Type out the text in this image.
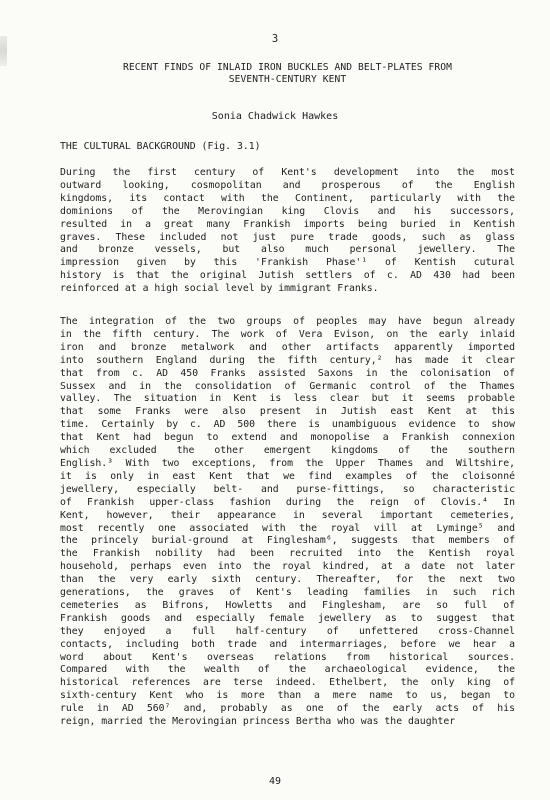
3
RECENT FINDS OF INLAID IRON BUCKLES AND BELT-PLATES FROM
SEVENTH-CENTURY KENT
Sonia Chadwick Hawkes
THE CULTURAL BACKGROUND (Fig. 3.1)
During the first century of Kent's development into the most
outward looking, cosmopolitan and prosperous of the English
kingdoms, its contact with the Continent, particularly with the
dominions of the Merovingian king Clovis and his successors,
resulted in a great many Frankish imports being buried in Kentish
graves. These included not just pure trade goods, such as glass
and bronze vessels, but also much personal jewellery. The
impression given by this 'Frankish Phase'¹ of Kentish cutural
history is that the original Jutish settlers of c. AD 430 had been
reinforced at a high social level by immigrant Franks.
The integration of the two groups of peoples may have begun already
in the fifth century. The work of Vera Evison, on the early inlaid
iron and bronze metalwork and other artifacts apparently imported
into southern England during the fifth century,² has made it clear
that from c. AD 450 Franks assisted Saxons in the colonisation of
Sussex and in the consolidation of Germanic control of the Thames
valley. The situation in Kent is less clear but it seems probable
that some Franks were also present in Jutish east Kent at this
time. Certainly by c. AD 500 there is unambiguous evidence to show
that Kent had begun to extend and monopolise a Frankish connexion
which excluded the other emergent kingdoms of the southern
English.³ With two exceptions, from the Upper Thames and Wiltshire,
it is only in east Kent that we find examples of the cloisonné
jewellery, especially belt- and purse-fittings, so characteristic
of Frankish upper-class fashion during the reign of Clovis.⁴ In
Kent, however, their appearance in several important cemeteries,
most recently one associated with the royal vill at Lyminge⁵ and
the princely burial-ground at Finglesham⁶, suggests that members of
the Frankish nobility had been recruited into the Kentish royal
household, perhaps even into the royal kindred, at a date not later
than the very early sixth century. Thereafter, for the next two
generations, the graves of Kent's leading families in such rich
cemeteries as Bifrons, Howletts and Finglesham, are so full of
Frankish goods and especially female jewellery as to suggest that
they enjoyed a full half-century of unfettered cross-Channel
contacts, including both trade and intermarriages, before we hear a
word about Kent's overseas relations from historical sources.
Compared with the wealth of the archaeological evidence, the
historical references are terse indeed. Ethelbert, the only king of
sixth-century Kent who is more than a mere name to us, began to
rule in AD 560⁷ and, probably as one of the early acts of his
reign, married the Merovingian princess Bertha who was the daughter
49
